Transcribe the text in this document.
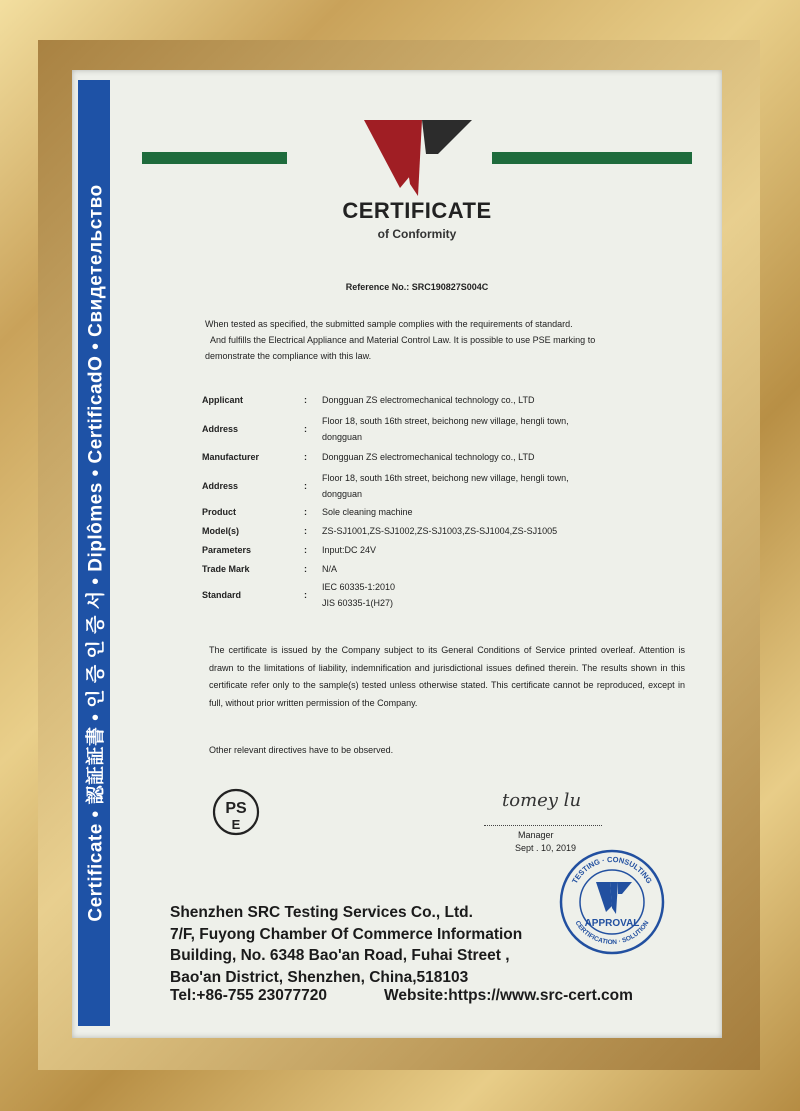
Certificate • 認証証書 • 인 증 인 증 서 • Diplômes • CertificadO • Свидетельство	CERTIFICATE
of Conformity
Reference No.: SRC190827S004C
When tested as specified, the submitted sample complies with the requirements of standard.
And fulfills the Electrical Appliance and Material Control Law. It is possible to use PSE marking to
demonstrate the compliance with this law.
Applicant	:	Dongguan ZS electromechanical technology co., LTD
Address	:
Floor 18, south 16th street, beichong new village, hengli town,
dongguan
Manufacturer	:	Dongguan ZS electromechanical technology co., LTD
Address	:
Floor 18, south 16th street, beichong new village, hengli town,
dongguan
Product	:	Sole cleaning machine
Model(s)	:	ZS-SJ1001,ZS-SJ1002,ZS-SJ1003,ZS-SJ1004,ZS-SJ1005
Parameters	:	Input:DC 24V
Trade Mark	:	N/A
Standard	:
IEC 60335-1:2010
JIS 60335-1(H27)
The certificate is issued by the Company subject to its General Conditions of Service printed overleaf. Attention is drawn to the limitations of liability, indemnification and jurisdictional issues defined therein. The results shown in this certificate refer only to the sample(s) tested unless otherwise stated. This certificate cannot be reproduced, except in full, without prior written permission of the Company.
Other relevant directives have to be observed.
PS
E
tomey lu
Manager
Sept . 10, 2019
TESTING · CONSULTING
CERTIFICATION · SOLUTION
APPROVAL
Shenzhen SRC Testing Services Co., Ltd.
7/F, Fuyong Chamber Of Commerce Information
Building, No. 6348 Bao'an Road, Fuhai Street ,
Bao'an District, Shenzhen, China,518103
Tel:+86-755 23077720	Website:https://www.src-cert.com
